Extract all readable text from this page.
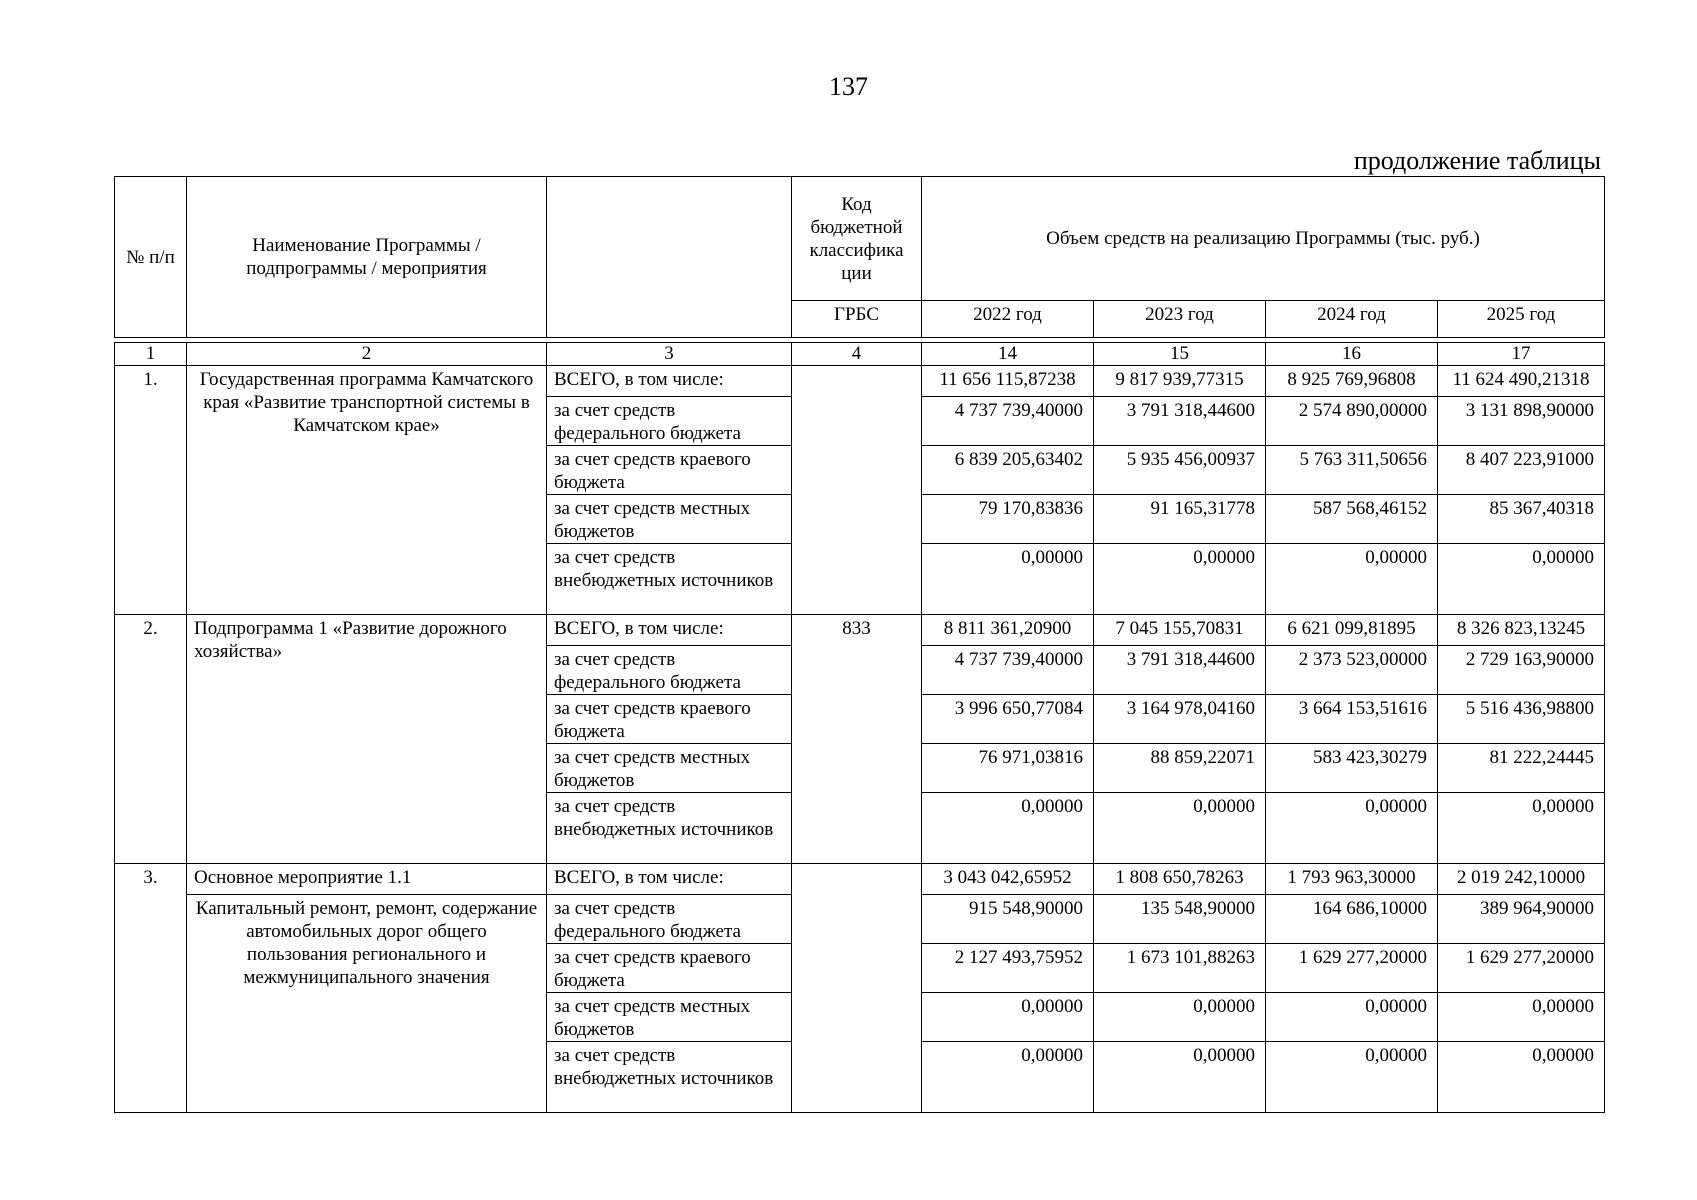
137
продолжение таблицы
№ п/п	Наименование Программы / подпрограммы / мероприятия		Код бюджетной классифика ции	Объем средств на реализацию Программы (тыс. руб.)			
			ГРБС	2022 год	2023 год	2024 год	2025 год
1	2	3	4	14	15	16	17
1.	Государственная программа Камчатского края «Развитие транспортной системы в Камчатском крае»	ВСЕГО, в том числе:		11 656 115,87238	9 817 939,77315	8 925 769,96808	11 624 490,21318
		за счет средств федерального бюджета		4 737 739,40000	3 791 318,44600	2 574 890,00000	3 131 898,90000
		за счет средств краевого бюджета		6 839 205,63402	5 935 456,00937	5 763 311,50656	8 407 223,91000
		за счет средств местных бюджетов		79 170,83836	91 165,31778	587 568,46152	85 367,40318
		за счет средств внебюджетных источников		0,00000	0,00000	0,00000	0,00000
2.	Подпрограмма 1 «Развитие дорожного хозяйства»	ВСЕГО, в том числе:	833	8 811 361,20900	7 045 155,70831	6 621 099,81895	8 326 823,13245
		за счет средств федерального бюджета		4 737 739,40000	3 791 318,44600	2 373 523,00000	2 729 163,90000
		за счет средств краевого бюджета		3 996 650,77084	3 164 978,04160	3 664 153,51616	5 516 436,98800
		за счет средств местных бюджетов		76 971,03816	88 859,22071	583 423,30279	81 222,24445
		за счет средств внебюджетных источников		0,00000	0,00000	0,00000	0,00000
3.	Основное мероприятие 1.1	ВСЕГО, в том числе:		3 043 042,65952	1 808 650,78263	1 793 963,30000	2 019 242,10000
	Капитальный ремонт, ремонт, содержание автомобильных дорог общего пользования регионального и межмуниципального значения	за счет средств федерального бюджета		915 548,90000	135 548,90000	164 686,10000	389 964,90000
		за счет средств краевого бюджета		2 127 493,75952	1 673 101,88263	1 629 277,20000	1 629 277,20000
		за счет средств местных бюджетов		0,00000	0,00000	0,00000	0,00000
		за счет средств внебюджетных источников		0,00000	0,00000	0,00000	0,00000
